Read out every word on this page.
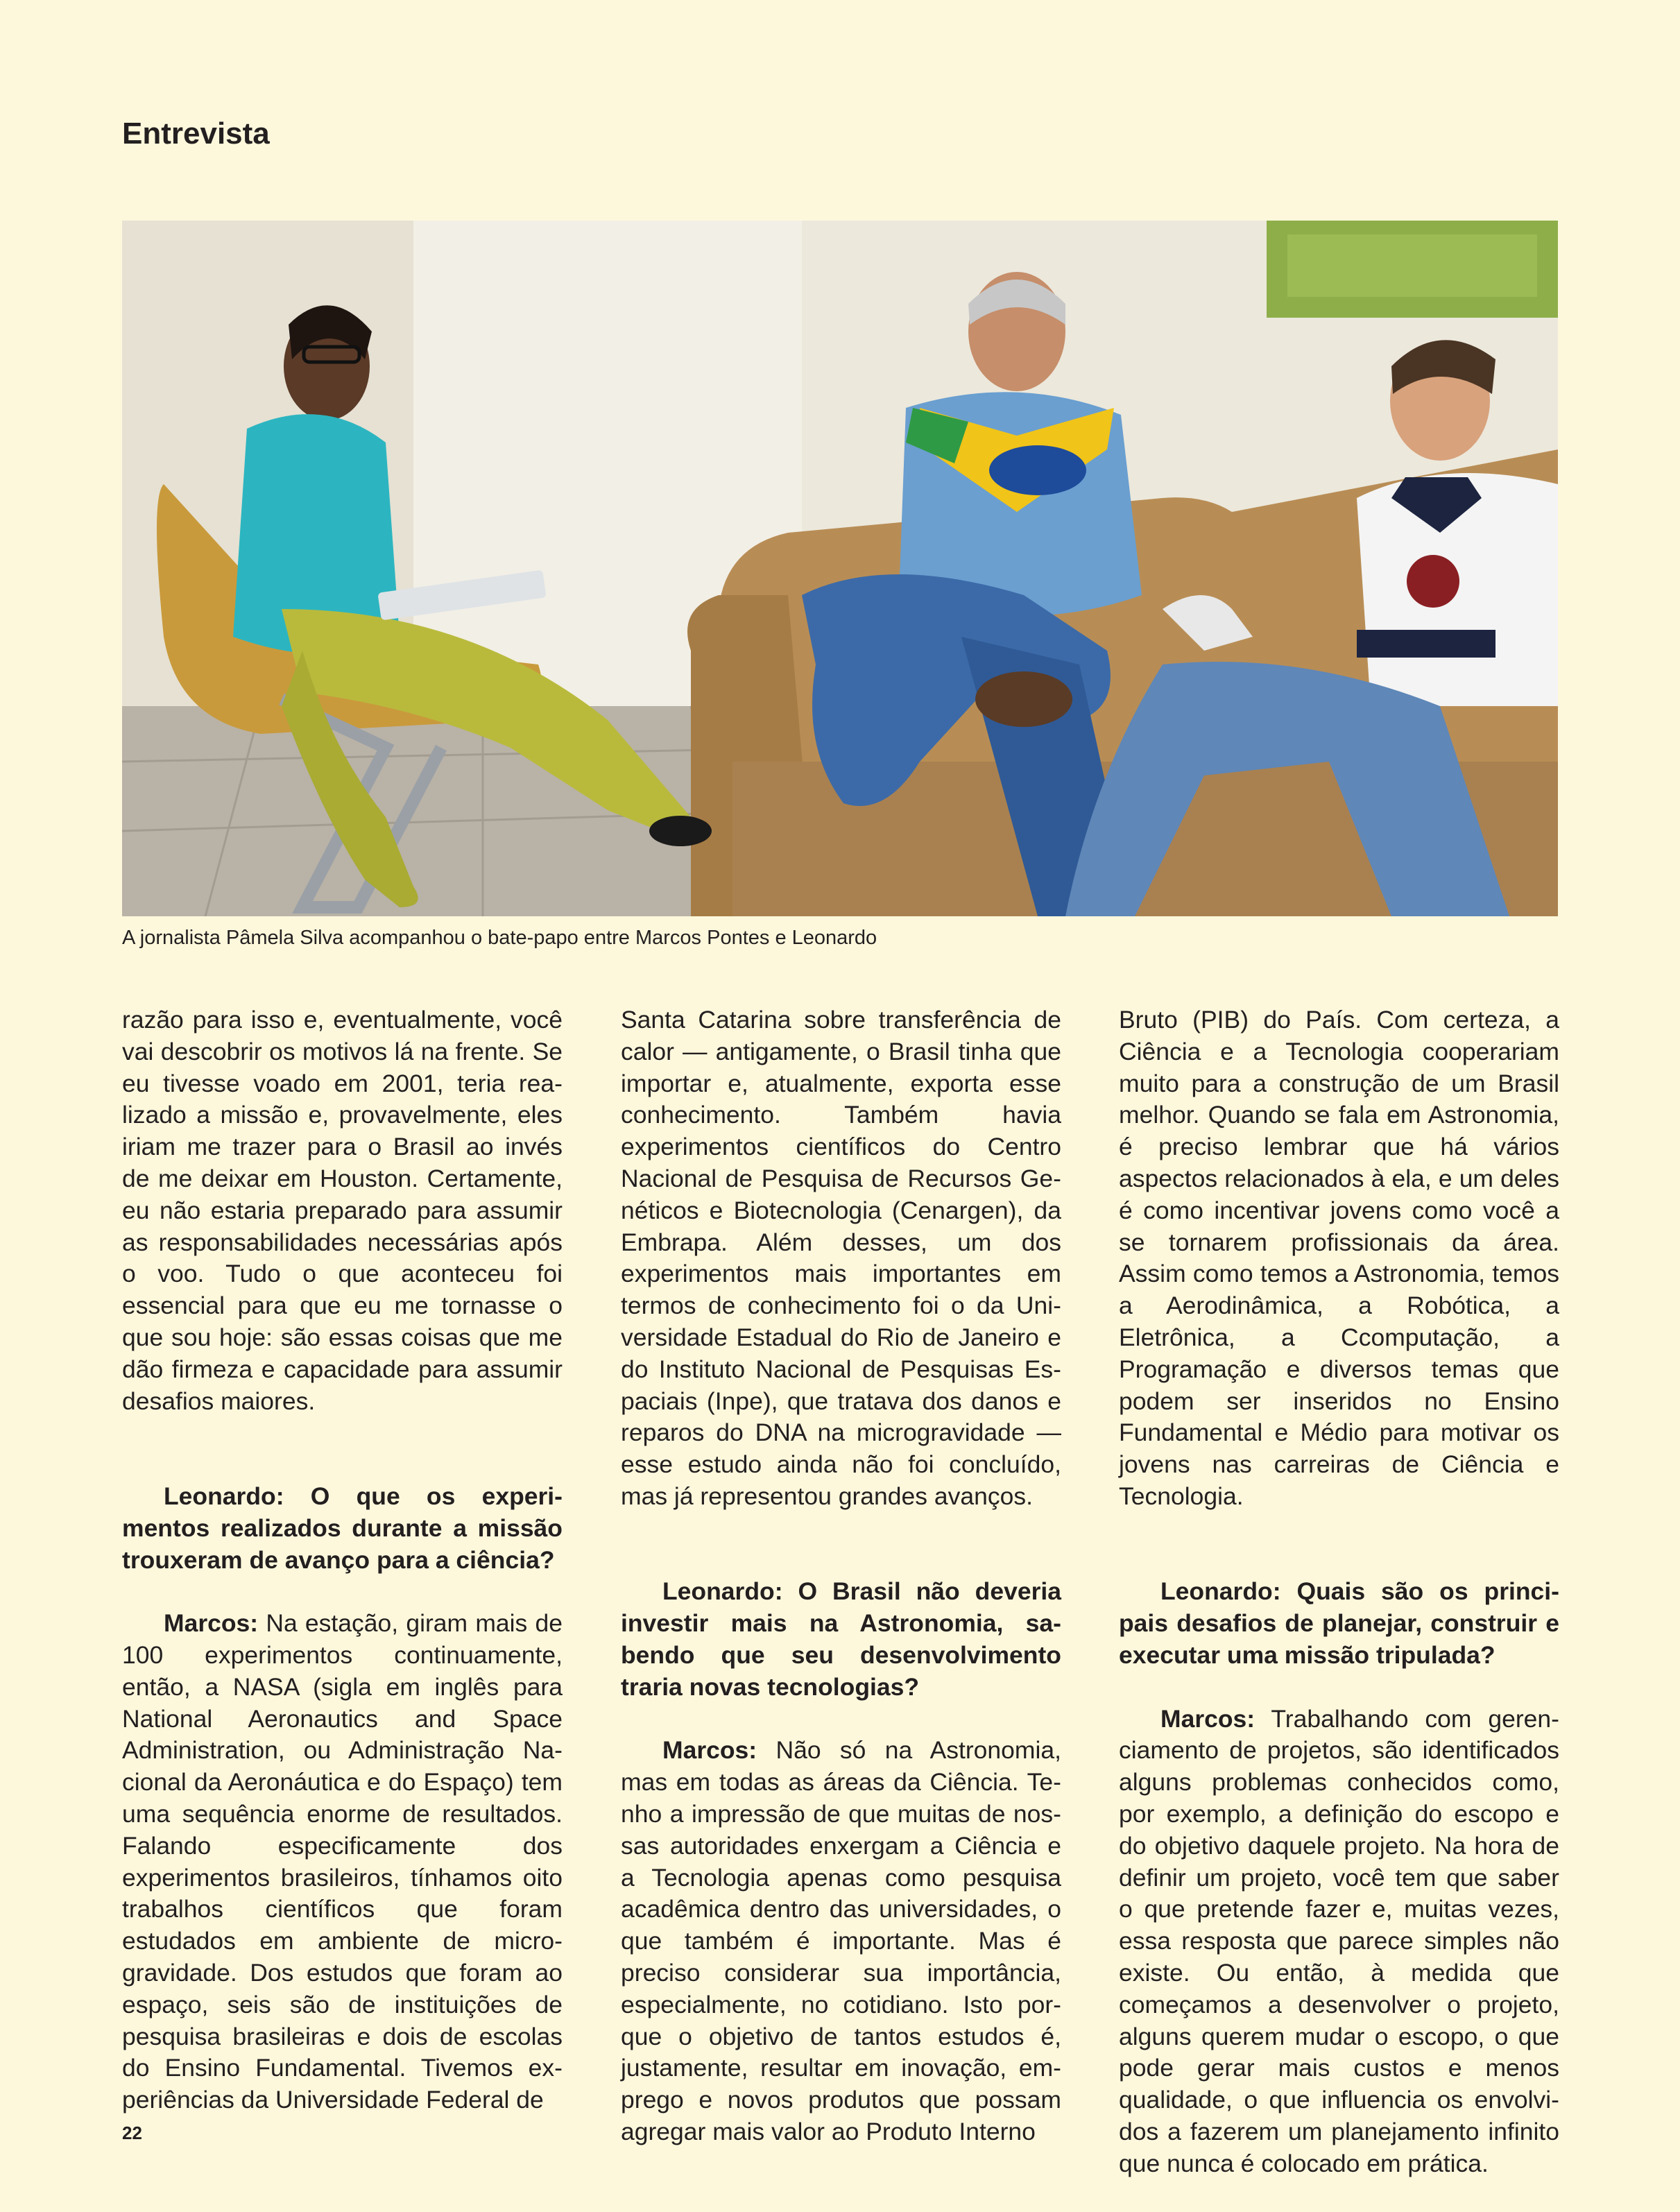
Entrevista

A jornalista Pâmela Silva acompanhou o bate-papo entre Marcos Pontes e Leonardo

razão para isso e, eventualmente, você vai descobrir os motivos lá na frente. Se eu tivesse voado em 2001, teria realizado a missão e, provavelmente, eles iriam me trazer para o Brasil ao invés de me deixar em Houston. Certamente, eu não estaria preparado para assumir as responsabilidades necessárias após o voo. Tudo o que aconteceu foi essencial para que eu me tornasse o que sou hoje: são essas coisas que me dão firmeza e capacidade para assumir desafios maiores.

Leonardo: O que os experimentos realizados durante a missão trouxeram de avanço para a ciência?

Marcos: Na estação, giram mais de 100 experimentos continuamente, então, a NASA (sigla em inglês para National Aeronautics and Space Administration, ou Administração Nacional da Aeronáutica e do Espaço) tem uma sequência enorme de resultados. Falando especificamente dos experimentos brasileiros, tínhamos oito trabalhos científicos que foram estudados em ambiente de microgravidade. Dos estudos que foram ao espaço, seis são de instituições de pesquisa brasileiras e dois de escolas do Ensino Fundamental. Tivemos experiências da Universidade Federal de

Santa Catarina sobre transferência de calor — antigamente, o Brasil tinha que importar e, atualmente, exporta esse conhecimento. Também havia experimentos científicos do Centro Nacional de Pesquisa de Recursos Genéticos e Biotecnologia (Cenargen), da Embrapa. Além desses, um dos experimentos mais importantes em termos de conhecimento foi o da Universidade Estadual do Rio de Janeiro e do Instituto Nacional de Pesquisas Espaciais (Inpe), que tratava dos danos e reparos do DNA na microgravidade — esse estudo ainda não foi concluído, mas já representou grandes avanços.

Leonardo: O Brasil não deveria investir mais na Astronomia, sabendo que seu desenvolvimento traria novas tecnologias?

Marcos: Não só na Astronomia, mas em todas as áreas da Ciência. Tenho a impressão de que muitas de nossas autoridades enxergam a Ciência e a Tecnologia apenas como pesquisa acadêmica dentro das universidades, o que também é importante. Mas é preciso considerar sua importância, especialmente, no cotidiano. Isto porque o objetivo de tantos estudos é, justamente, resultar em inovação, emprego e novos produtos que possam agregar mais valor ao Produto Interno

Bruto (PIB) do País. Com certeza, a Ciência e a Tecnologia cooperariam muito para a construção de um Brasil melhor. Quando se fala em Astronomia, é preciso lembrar que há vários aspectos relacionados à ela, e um deles é como incentivar jovens como você a se tornarem profissionais da área. Assim como temos a Astronomia, temos a Aerodinâmica, a Robótica, a Eletrônica, a Ccomputação, a Programação e diversos temas que podem ser inseridos no Ensino Fundamental e Médio para motivar os jovens nas carreiras de Ciência e Tecnologia.

Leonardo: Quais são os principais desafios de planejar, construir e executar uma missão tripulada?

Marcos: Trabalhando com gerenciamento de projetos, são identificados alguns problemas conhecidos como, por exemplo, a definição do escopo e do objetivo daquele projeto. Na hora de definir um projeto, você tem que saber o que pretende fazer e, muitas vezes, essa resposta que parece simples não existe. Ou então, à medida que começamos a desenvolver o projeto, alguns querem mudar o escopo, o que pode gerar mais custos e menos qualidade, o que influencia os envolvidos a fazerem um planejamento infinito que nunca é colocado em prática.

22
